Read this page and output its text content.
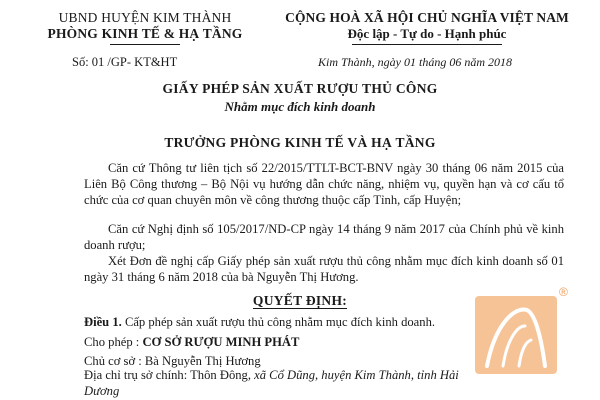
UBND HUYỆN KIM THÀNH
PHÒNG KINH TẾ & HẠ TẦNG
CỘNG HOÀ XÃ HỘI CHỦ NGHĨA VIỆT NAM
Độc lập - Tự do - Hạnh phúc
Số: 01 /GP- KT&HT	Kim Thành, ngày 01 tháng 06 năm 2018
GIẤY PHÉP SẢN XUẤT RƯỢU THỦ CÔNG
Nhằm mục đích kinh doanh
TRƯỞNG PHÒNG KINH TẾ VÀ HẠ TẦNG
Căn cứ Thông tư liên tịch số 22/2015/TTLT-BCT-BNV ngày 30 tháng 06 năm 2015 của Liên Bộ Công thương – Bộ Nội vụ hướng dẫn chức năng, nhiệm vụ, quyền hạn và cơ cấu tổ chức của cơ quan chuyên môn về công thương thuộc cấp Tỉnh, cấp Huyện;
Căn cứ Nghị định số 105/2017/ND-CP ngày 14 tháng 9 năm 2017 của Chính phủ về kinh doanh rượu;
Xét Đơn đề nghị cấp Giấy phép sản xuất rượu thủ công nhằm mục đích kinh doanh số 01 ngày 31 tháng 6 năm 2018 của bà Nguyễn Thị Hương.
QUYẾT ĐỊNH:
Điều 1. Cấp phép sản xuất rượu thủ công nhằm mục đích kinh doanh.
Cho phép : CƠ SỞ RƯỢU MINH PHÁT
Chủ cơ sở : Bà Nguyễn Thị Hương
Địa chỉ trụ sở chính: Thôn Đông, xã Cổ Dũng, huyện Kim Thành, tỉnh Hải
Dương
®
